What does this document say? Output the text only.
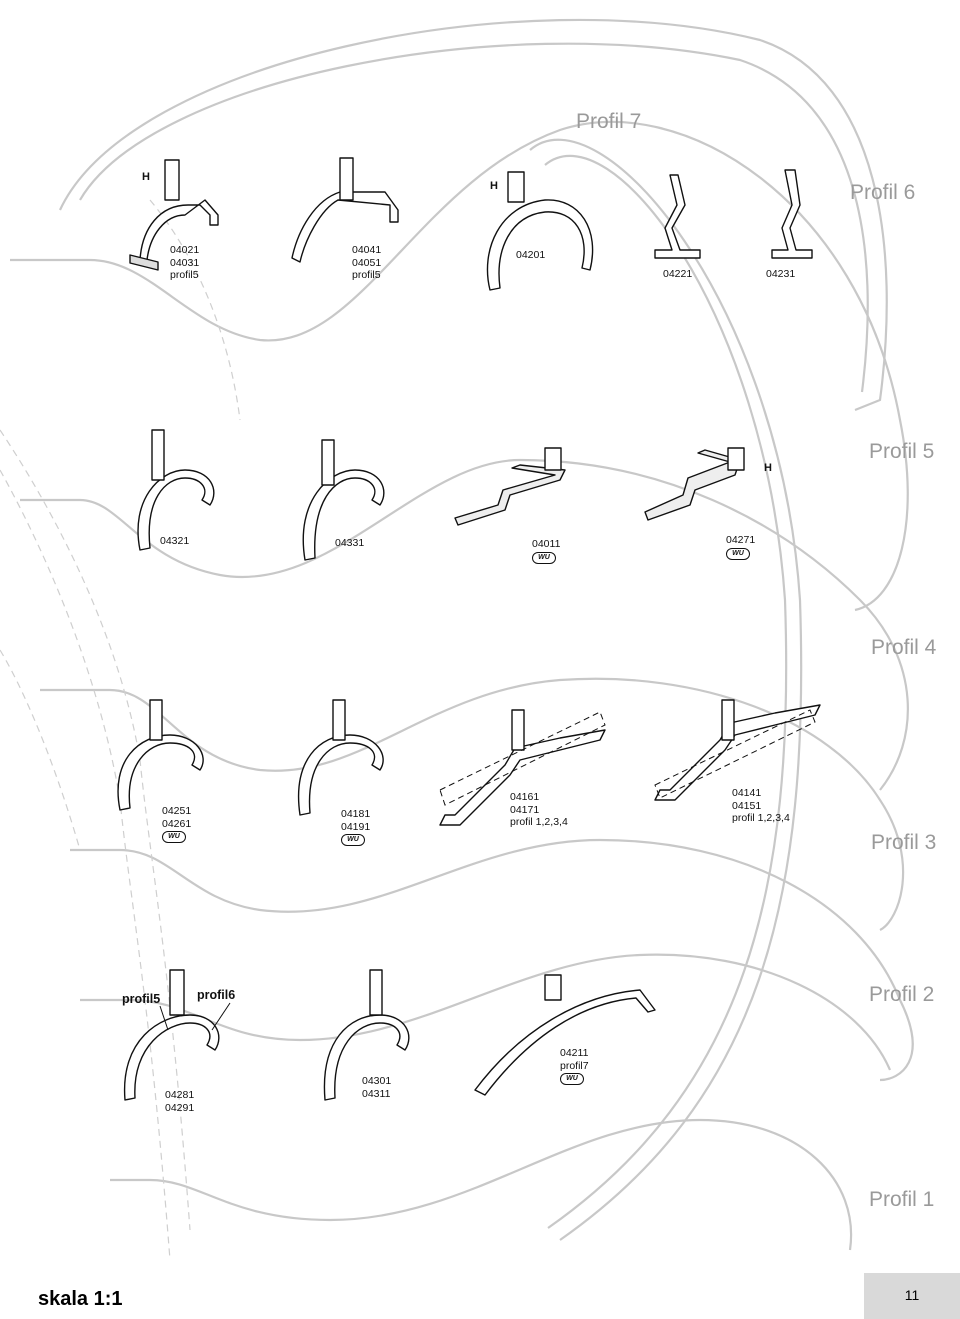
Profil 7
Profil 6
Profil 5
Profil 4
Profil 3
Profil 2
Profil 1
H
H
04021
04031
profil5
04041
04051
profil5
04201
04221	04231
H
04321	04331	04011
WU
04271
WU
04251
04261
WU
04181
04191
WU
04161
04171
profil 1,2,3,4
04141
04151
profil 1,2,3,4
profil5	profil6
04281
04291
04301
04311
04211
profil7
WU
skala 1:1	11
